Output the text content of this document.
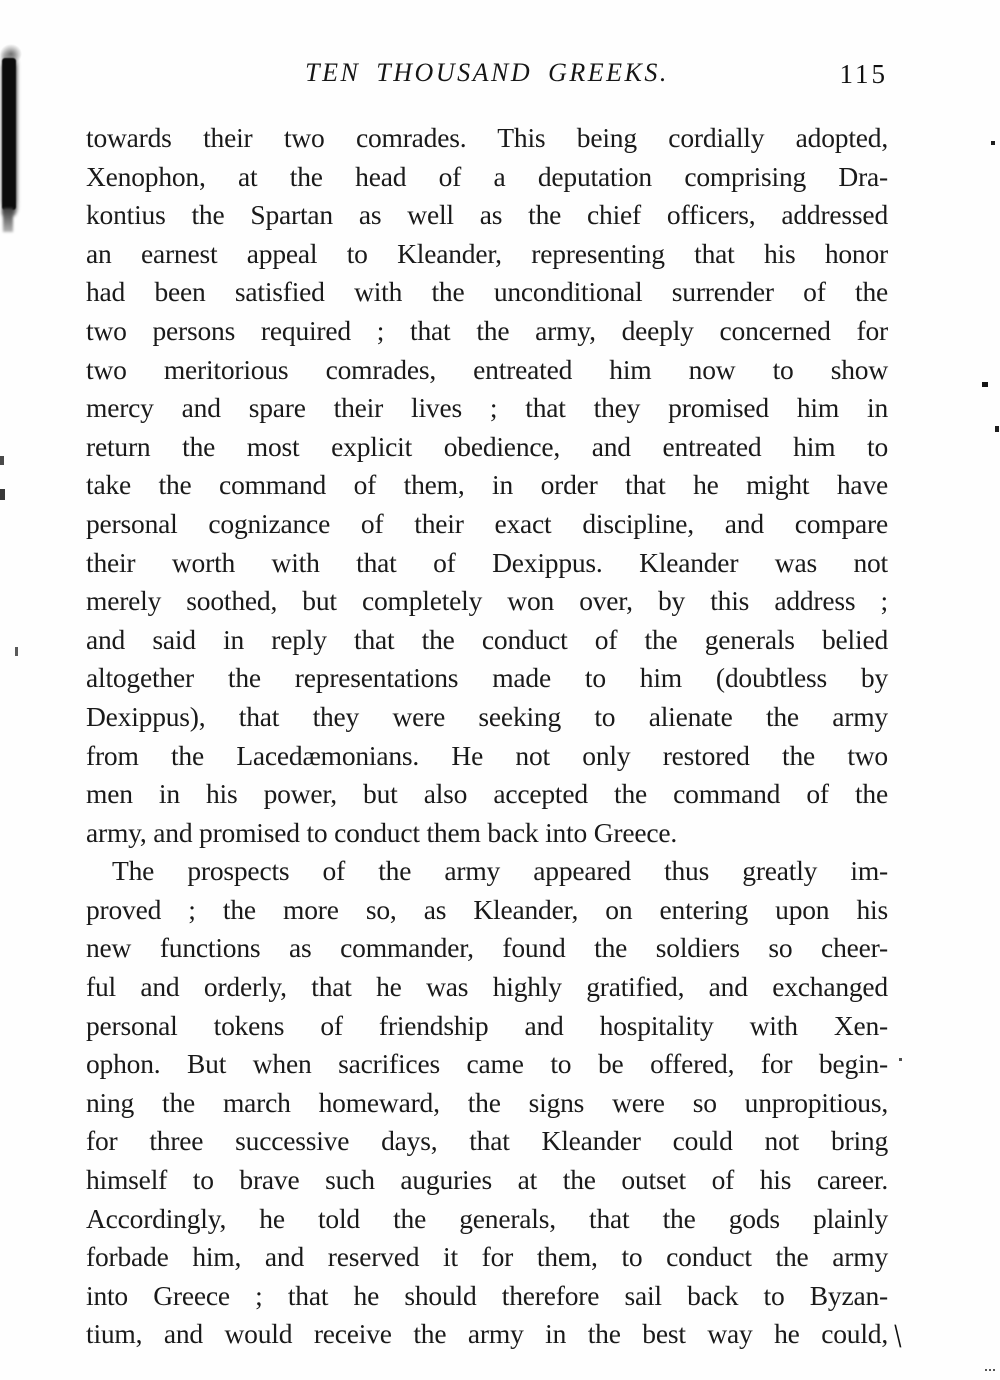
TEN THOUSAND GREEKS.	115
towards their two comrades. This being cordially adopted,
Xenophon, at the head of a deputation comprising Dra-
kontius the Spartan as well as the chief officers, addressed
an earnest appeal to Kleander, representing that his honor
had been satisfied with the unconditional surrender of the
two persons required ; that the army, deeply concerned for
two meritorious comrades, entreated him now to show
mercy and spare their lives ; that they promised him in
return the most explicit obedience, and entreated him to
take the command of them, in order that he might have
personal cognizance of their exact discipline, and compare
their worth with that of Dexippus. Kleander was not
merely soothed, but completely won over, by this address ;
and said in reply that the conduct of the generals belied
altogether the representations made to him (doubtless by
Dexippus), that they were seeking to alienate the army
from the Lacedæmonians. He not only restored the two
men in his power, but also accepted the command of the
army, and promised to conduct them back into Greece.
The prospects of the army appeared thus greatly im-
proved ; the more so, as Kleander, on entering upon his
new functions as commander, found the soldiers so cheer-
ful and orderly, that he was highly gratified, and exchanged
personal tokens of friendship and hospitality with Xen-
ophon. But when sacrifices came to be offered, for begin-
ning the march homeward, the signs were so unpropitious,
for three successive days, that Kleander could not bring
himself to brave such auguries at the outset of his career.
Accordingly, he told the generals, that the gods plainly
forbade him, and reserved it for them, to conduct the army
into Greece ; that he should therefore sail back to Byzan-
tium, and would receive the army in the best way he could, \
